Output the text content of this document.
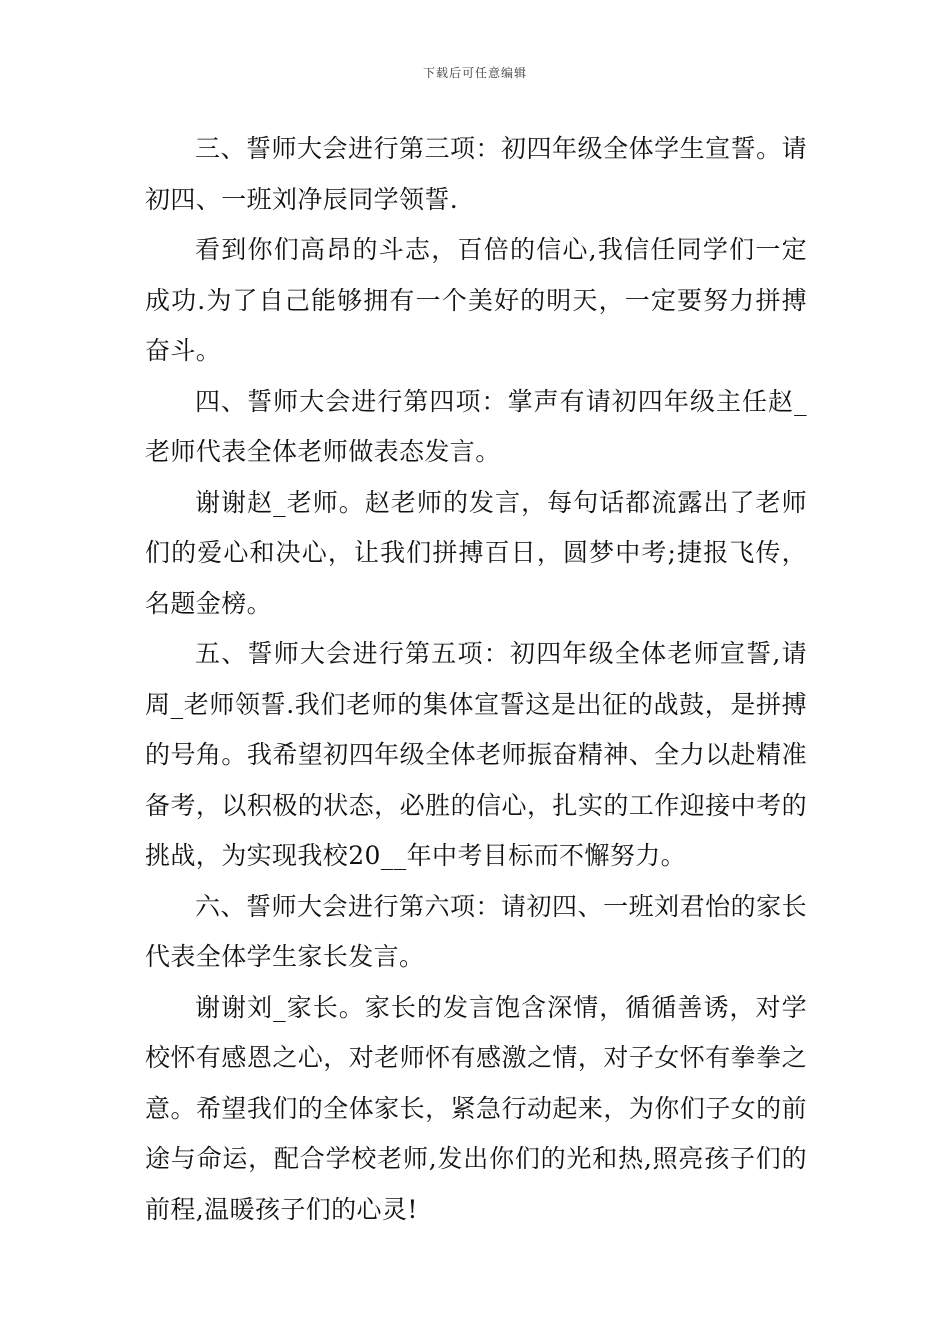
下载后可任意编辑

三、誓师大会进行第三项：初四年级全体学生宣誓。请初四、一班刘净辰同学领誓.

看到你们高昂的斗志，百倍的信心,我信任同学们一定成功.为了自己能够拥有一个美好的明天，一定要努力拼搏奋斗。

四、誓师大会进行第四项：掌声有请初四年级主任赵_老师代表全体老师做表态发言。

谢谢赵_老师。赵老师的发言，每句话都流露出了老师们的爱心和决心，让我们拼搏百日，圆梦中考;捷报飞传，名题金榜。

五、誓师大会进行第五项：初四年级全体老师宣誓,请周_老师领誓.我们老师的集体宣誓这是出征的战鼓，是拼搏的号角。我希望初四年级全体老师振奋精神、全力以赴精准备考，以积极的状态，必胜的信心，扎实的工作迎接中考的挑战，为实现我校20__年中考目标而不懈努力。

六、誓师大会进行第六项：请初四、一班刘君怡的家长代表全体学生家长发言。

谢谢刘_家长。家长的发言饱含深情，循循善诱，对学校怀有感恩之心，对老师怀有感激之情，对子女怀有拳拳之意。希望我们的全体家长，紧急行动起来，为你们子女的前途与命运，配合学校老师,发出你们的光和热,照亮孩子们的前程,温暖孩子们的心灵!
